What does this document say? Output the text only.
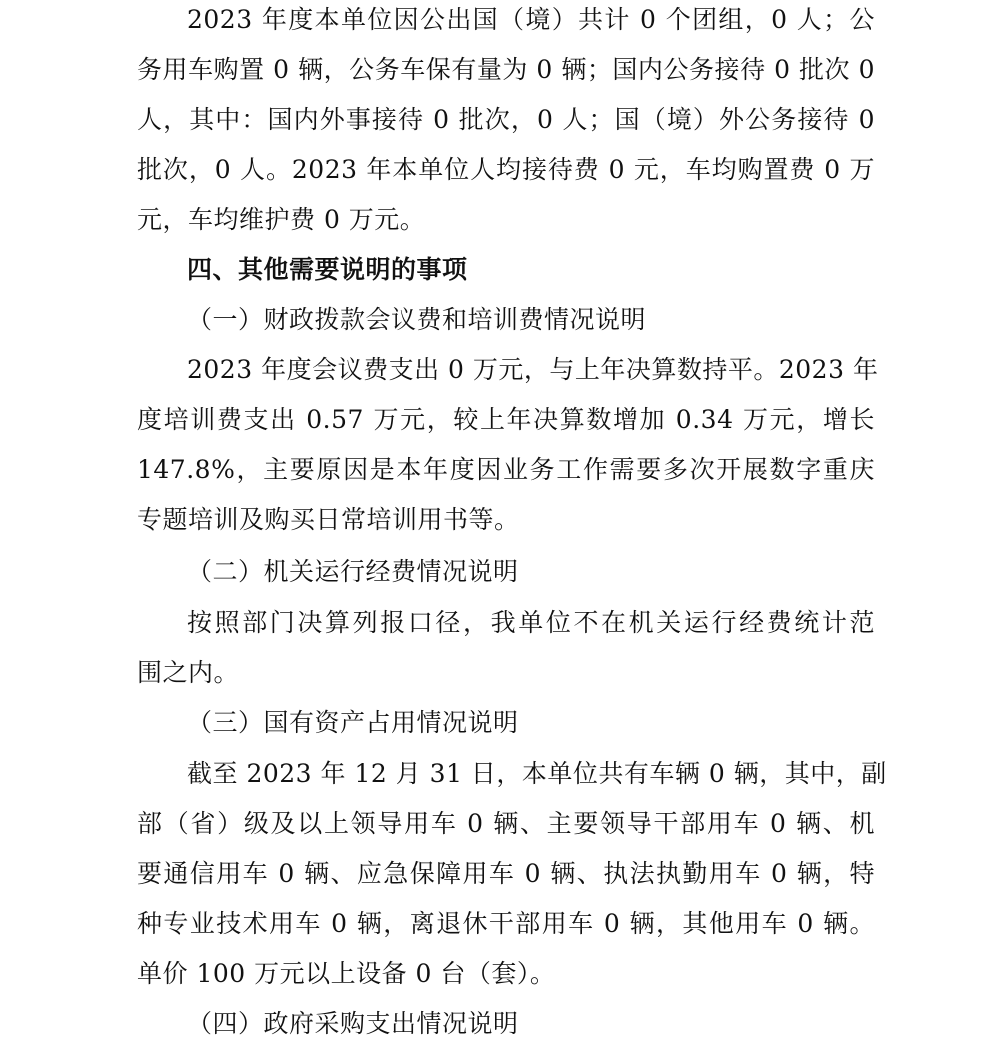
2023 年度本单位因公出国（境）共计 0 个团组，0 人；公
务用车购置 0 辆，公务车保有量为 0 辆；国内公务接待 0 批次 0
人，其中：国内外事接待 0 批次，0 人；国（境）外公务接待 0
批次，0 人。2023 年本单位人均接待费 0 元，车均购置费 0 万
元，车均维护费 0 万元。
四、其他需要说明的事项
（一）财政拨款会议费和培训费情况说明
2023 年度会议费支出 0 万元，与上年决算数持平。2023 年
度培训费支出 0.57 万元，较上年决算数增加 0.34 万元，增长
147.8%，主要原因是本年度因业务工作需要多次开展数字重庆
专题培训及购买日常培训用书等。
（二）机关运行经费情况说明
按照部门决算列报口径，我单位不在机关运行经费统计范
围之内。
（三）国有资产占用情况说明
截至 2023 年 12 月 31 日，本单位共有车辆 0 辆，其中，副
部（省）级及以上领导用车 0 辆、主要领导干部用车 0 辆、机
要通信用车 0 辆、应急保障用车 0 辆、执法执勤用车 0 辆，特
种专业技术用车 0 辆，离退休干部用车 0 辆，其他用车 0 辆。
单价 100 万元以上设备 0 台（套）。
（四）政府采购支出情况说明
